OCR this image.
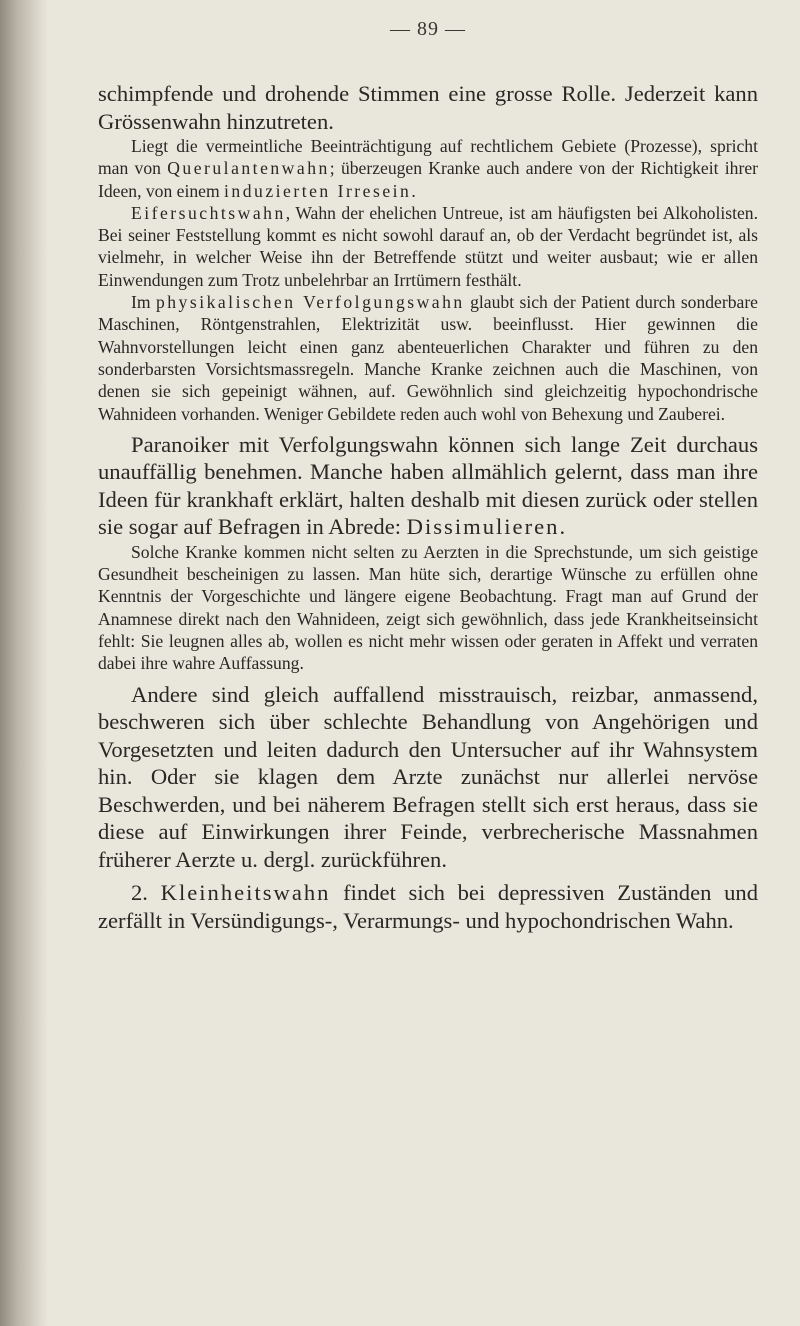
— 89 —

schimpfende und drohende Stimmen eine grosse Rolle. Jederzeit kann Grössenwahn hinzutreten.

Liegt die vermeintliche Beeinträchtigung auf rechtlichem Gebiete (Prozesse), spricht man von Querulantenwahn; überzeugen Kranke auch andere von der Richtigkeit ihrer Ideen, von einem induzierten Irresein.

Eifersuchtswahn, Wahn der ehelichen Untreue, ist am häufigsten bei Alkoholisten. Bei seiner Feststellung kommt es nicht sowohl darauf an, ob der Verdacht begründet ist, als vielmehr, in welcher Weise ihn der Betreffende stützt und weiter ausbaut; wie er allen Einwendungen zum Trotz unbelehrbar an Irrtümern festhält.

Im physikalischen Verfolgungswahn glaubt sich der Patient durch sonderbare Maschinen, Röntgenstrahlen, Elektrizität usw. beeinflusst. Hier gewinnen die Wahnvorstellungen leicht einen ganz abenteuerlichen Charakter und führen zu den sonderbarsten Vorsichtsmassregeln. Manche Kranke zeichnen auch die Maschinen, von denen sie sich gepeinigt wähnen, auf. Gewöhnlich sind gleichzeitig hypochondrische Wahnideen vorhanden. Weniger Gebildete reden auch wohl von Behexung und Zauberei.

Paranoiker mit Verfolgungswahn können sich lange Zeit durchaus unauffällig benehmen. Manche haben allmählich gelernt, dass man ihre Ideen für krankhaft erklärt, halten deshalb mit diesen zurück oder stellen sie sogar auf Befragen in Abrede: Dissimulieren.

Solche Kranke kommen nicht selten zu Aerzten in die Sprechstunde, um sich geistige Gesundheit bescheinigen zu lassen. Man hüte sich, derartige Wünsche zu erfüllen ohne Kenntnis der Vorgeschichte und längere eigene Beobachtung. Fragt man auf Grund der Anamnese direkt nach den Wahnideen, zeigt sich gewöhnlich, dass jede Krankheitseinsicht fehlt: Sie leugnen alles ab, wollen es nicht mehr wissen oder geraten in Affekt und verraten dabei ihre wahre Auffassung.

Andere sind gleich auffallend misstrauisch, reizbar, anmassend, beschweren sich über schlechte Behandlung von Angehörigen und Vorgesetzten und leiten dadurch den Untersucher auf ihr Wahnsystem hin. Oder sie klagen dem Arzte zunächst nur allerlei nervöse Beschwerden, und bei näherem Befragen stellt sich erst heraus, dass sie diese auf Einwirkungen ihrer Feinde, verbrecherische Massnahmen früherer Aerzte u. dergl. zurückführen.

2. Kleinheitswahn findet sich bei depressiven Zuständen und zerfällt in Versündigungs-, Verarmungs- und hypochondrischen Wahn.
